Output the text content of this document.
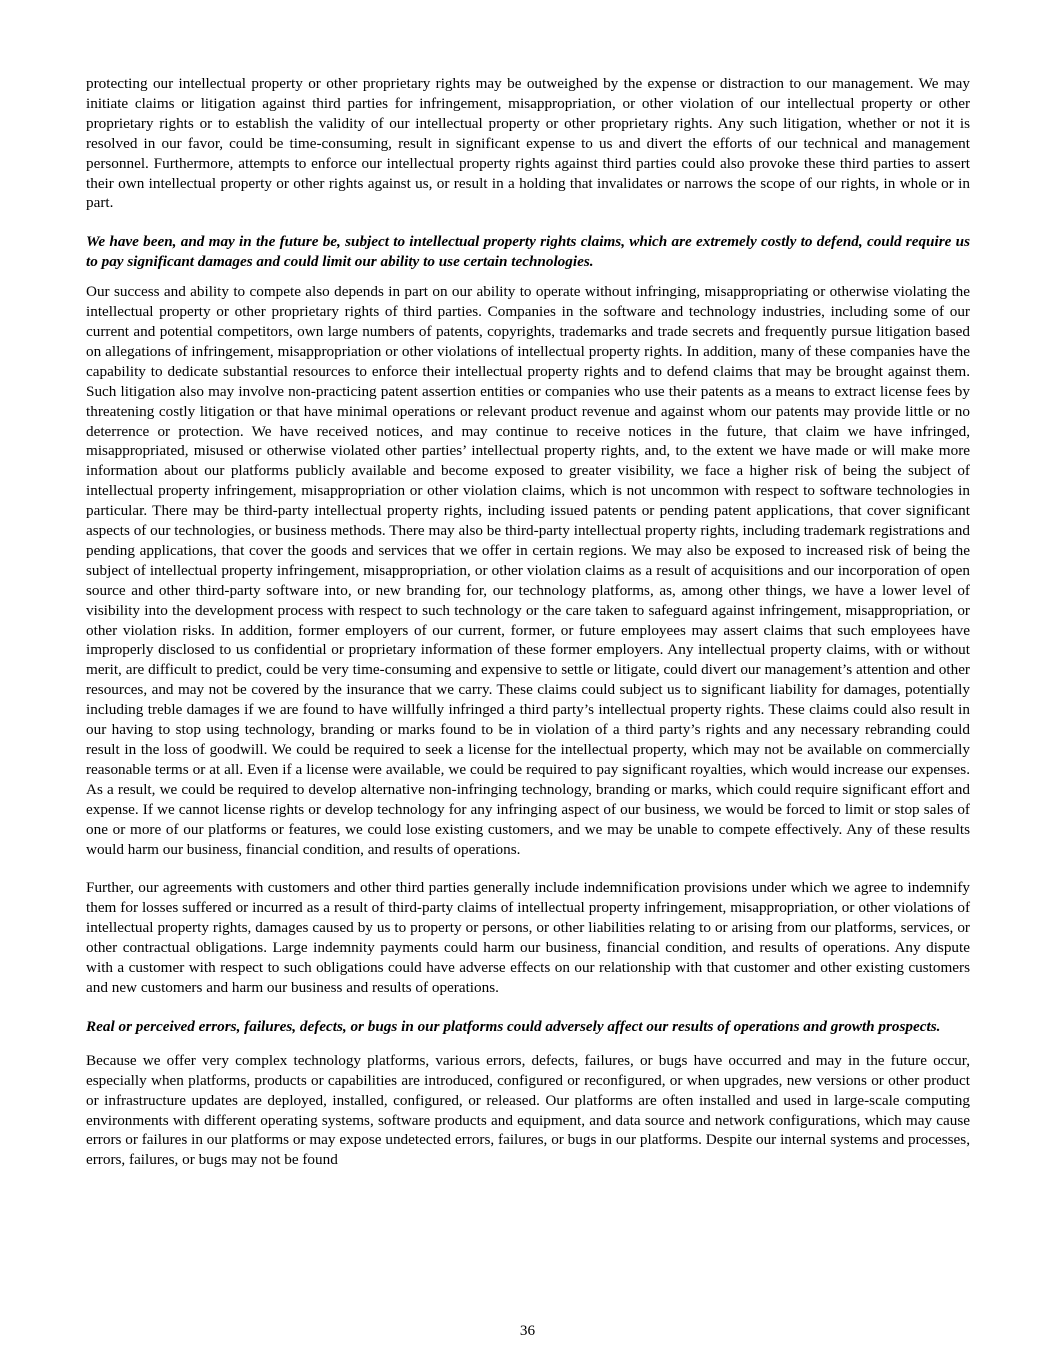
protecting our intellectual property or other proprietary rights may be outweighed by the expense or distraction to our management. We may initiate claims or litigation against third parties for infringement, misappropriation, or other violation of our intellectual property or other proprietary rights or to establish the validity of our intellectual property or other proprietary rights. Any such litigation, whether or not it is resolved in our favor, could be time-consuming, result in significant expense to us and divert the efforts of our technical and management personnel. Furthermore, attempts to enforce our intellectual property rights against third parties could also provoke these third parties to assert their own intellectual property or other rights against us, or result in a holding that invalidates or narrows the scope of our rights, in whole or in part.

We have been, and may in the future be, subject to intellectual property rights claims, which are extremely costly to defend, could require us to pay significant damages and could limit our ability to use certain technologies.

Our success and ability to compete also depends in part on our ability to operate without infringing, misappropriating or otherwise violating the intellectual property or other proprietary rights of third parties. Companies in the software and technology industries, including some of our current and potential competitors, own large numbers of patents, copyrights, trademarks and trade secrets and frequently pursue litigation based on allegations of infringement, misappropriation or other violations of intellectual property rights. In addition, many of these companies have the capability to dedicate substantial resources to enforce their intellectual property rights and to defend claims that may be brought against them. Such litigation also may involve non-practicing patent assertion entities or companies who use their patents as a means to extract license fees by threatening costly litigation or that have minimal operations or relevant product revenue and against whom our patents may provide little or no deterrence or protection. We have received notices, and may continue to receive notices in the future, that claim we have infringed, misappropriated, misused or otherwise violated other parties’ intellectual property rights, and, to the extent we have made or will make more information about our platforms publicly available and become exposed to greater visibility, we face a higher risk of being the subject of intellectual property infringement, misappropriation or other violation claims, which is not uncommon with respect to software technologies in particular. There may be third-party intellectual property rights, including issued patents or pending patent applications, that cover significant aspects of our technologies, or business methods. There may also be third-party intellectual property rights, including trademark registrations and pending applications, that cover the goods and services that we offer in certain regions. We may also be exposed to increased risk of being the subject of intellectual property infringement, misappropriation, or other violation claims as a result of acquisitions and our incorporation of open source and other third-party software into, or new branding for, our technology platforms, as, among other things, we have a lower level of visibility into the development process with respect to such technology or the care taken to safeguard against infringement, misappropriation, or other violation risks. In addition, former employers of our current, former, or future employees may assert claims that such employees have improperly disclosed to us confidential or proprietary information of these former employers. Any intellectual property claims, with or without merit, are difficult to predict, could be very time-consuming and expensive to settle or litigate, could divert our management’s attention and other resources, and may not be covered by the insurance that we carry. These claims could subject us to significant liability for damages, potentially including treble damages if we are found to have willfully infringed a third party’s intellectual property rights. These claims could also result in our having to stop using technology, branding or marks found to be in violation of a third party’s rights and any necessary rebranding could result in the loss of goodwill. We could be required to seek a license for the intellectual property, which may not be available on commercially reasonable terms or at all. Even if a license were available, we could be required to pay significant royalties, which would increase our expenses. As a result, we could be required to develop alternative non-infringing technology, branding or marks, which could require significant effort and expense. If we cannot license rights or develop technology for any infringing aspect of our business, we would be forced to limit or stop sales of one or more of our platforms or features, we could lose existing customers, and we may be unable to compete effectively. Any of these results would harm our business, financial condition, and results of operations.

Further, our agreements with customers and other third parties generally include indemnification provisions under which we agree to indemnify them for losses suffered or incurred as a result of third-party claims of intellectual property infringement, misappropriation, or other violations of intellectual property rights, damages caused by us to property or persons, or other liabilities relating to or arising from our platforms, services, or other contractual obligations. Large indemnity payments could harm our business, financial condition, and results of operations. Any dispute with a customer with respect to such obligations could have adverse effects on our relationship with that customer and other existing customers and new customers and harm our business and results of operations.

Real or perceived errors, failures, defects, or bugs in our platforms could adversely affect our results of operations and growth prospects.

Because we offer very complex technology platforms, various errors, defects, failures, or bugs have occurred and may in the future occur, especially when platforms, products or capabilities are introduced, configured or reconfigured, or when upgrades, new versions or other product or infrastructure updates are deployed, installed, configured, or released. Our platforms are often installed and used in large-scale computing environments with different operating systems, software products and equipment, and data source and network configurations, which may cause errors or failures in our platforms or may expose undetected errors, failures, or bugs in our platforms. Despite our internal systems and processes, errors, failures, or bugs may not be found

36
